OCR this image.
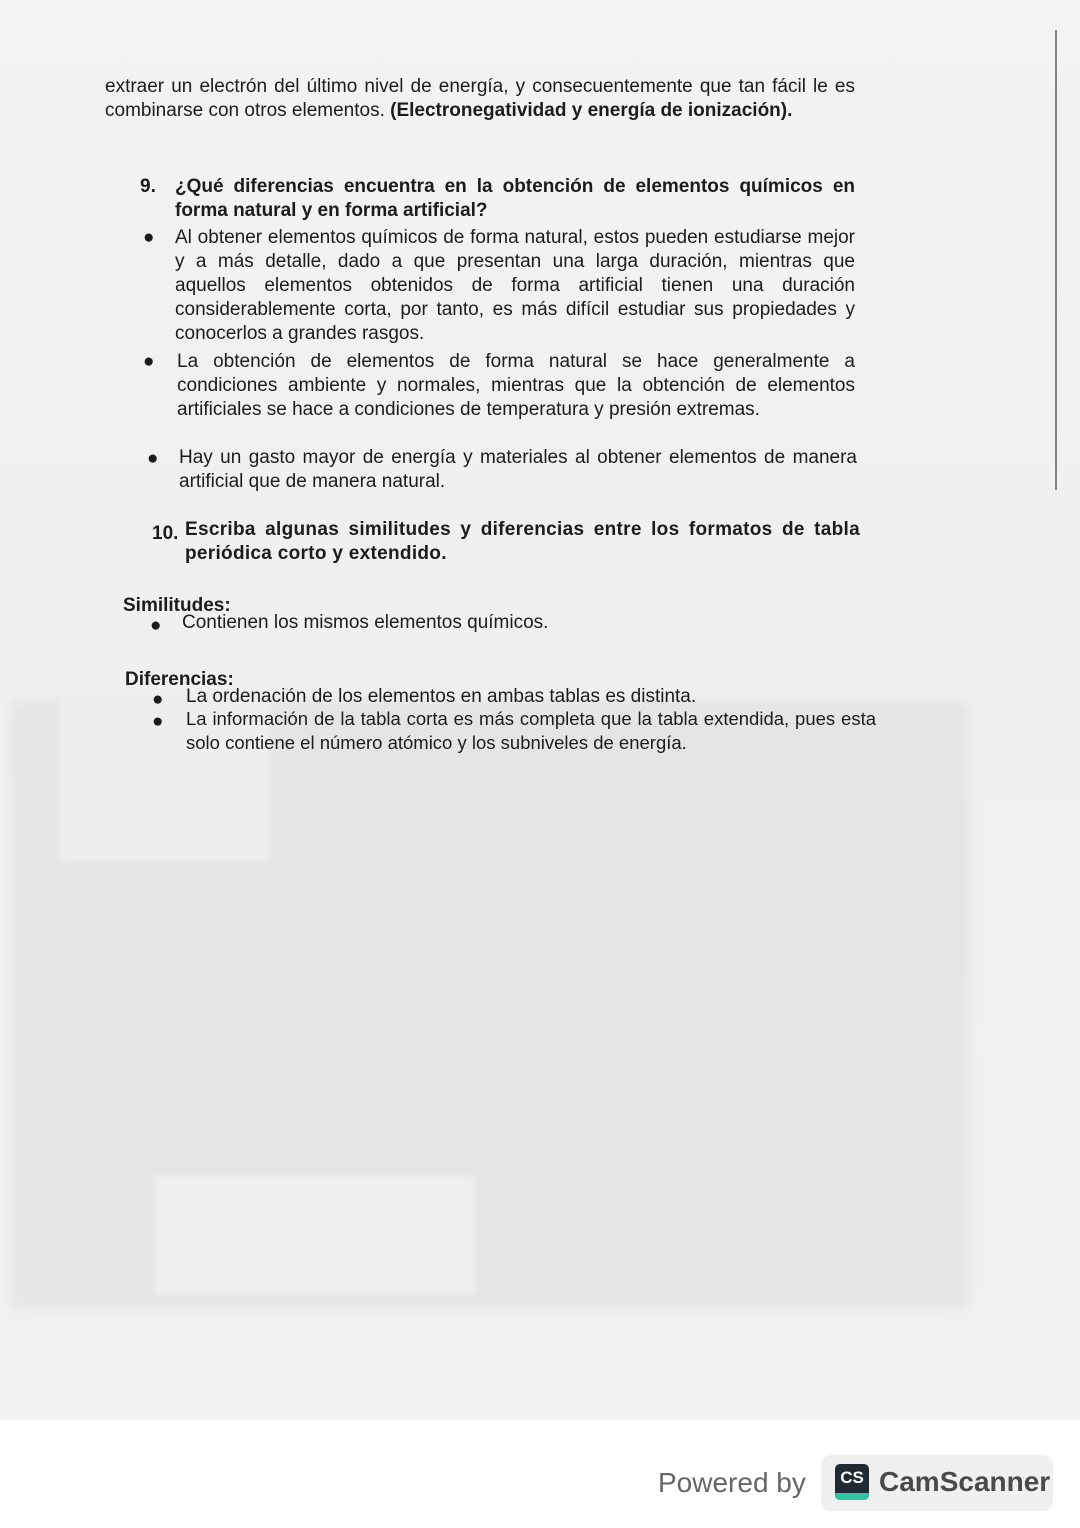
extraer un electrón del último nivel de energía, y consecuentemente que tan fácil le es combinarse con otros elementos. (Electronegatividad y energía de ionización).
9. ¿Qué diferencias encuentra en la obtención de elementos químicos en forma natural y en forma artificial?
● Al obtener elementos químicos de forma natural, estos pueden estudiarse mejor y a más detalle, dado a que presentan una larga duración, mientras que aquellos elementos obtenidos de forma artificial tienen una duración considerablemente corta, por tanto, es más difícil estudiar sus propiedades y conocerlos a grandes rasgos.
● La obtención de elementos de forma natural se hace generalmente a condiciones ambiente y normales, mientras que la obtención de elementos artificiales se hace a condiciones de temperatura y presión extremas.
● Hay un gasto mayor de energía y materiales al obtener elementos de manera artificial que de manera natural.
10. Escriba algunas similitudes y diferencias entre los formatos de tabla periódica corto y extendido.
Similitudes:
● Contienen los mismos elementos químicos.
Diferencias:
● La ordenación de los elementos en ambas tablas es distinta.
● La información de la tabla corta es más completa que la tabla extendida, pues esta solo contiene el número atómico y los subniveles de energía.
Powered by	CS CamScanner
